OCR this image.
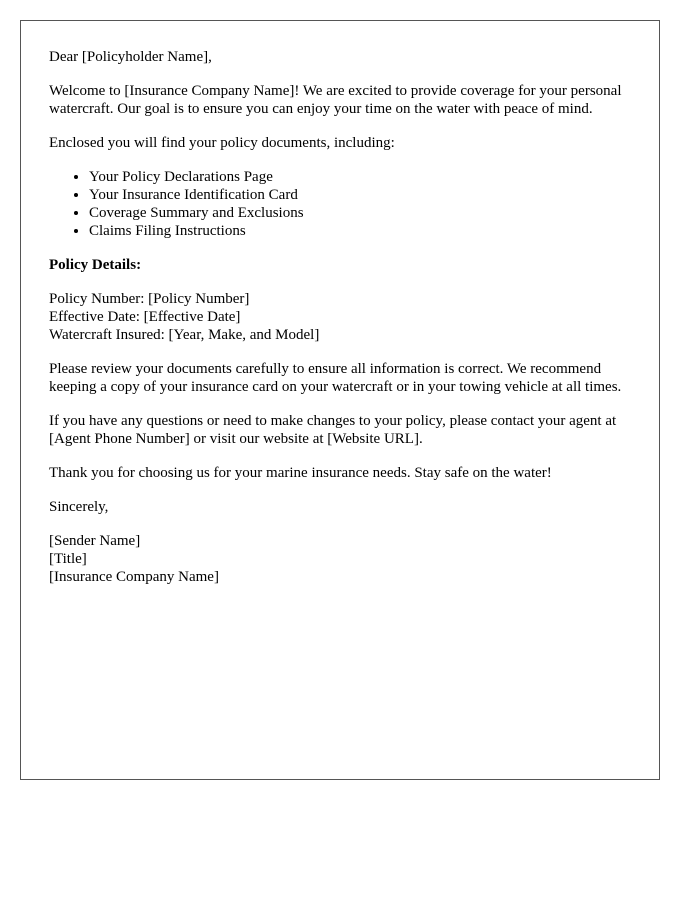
Dear [Policyholder Name],

Welcome to [Insurance Company Name]! We are excited to provide coverage for your personal watercraft. Our goal is to ensure you can enjoy your time on the water with peace of mind.

Enclosed you will find your policy documents, including:

• Your Policy Declarations Page
• Your Insurance Identification Card
• Coverage Summary and Exclusions
• Claims Filing Instructions

Policy Details:

Policy Number: [Policy Number]
Effective Date: [Effective Date]
Watercraft Insured: [Year, Make, and Model]

Please review your documents carefully to ensure all information is correct. We recommend keeping a copy of your insurance card on your watercraft or in your towing vehicle at all times.

If you have any questions or need to make changes to your policy, please contact your agent at [Agent Phone Number] or visit our website at [Website URL].

Thank you for choosing us for your marine insurance needs. Stay safe on the water!

Sincerely,

[Sender Name]
[Title]
[Insurance Company Name]
